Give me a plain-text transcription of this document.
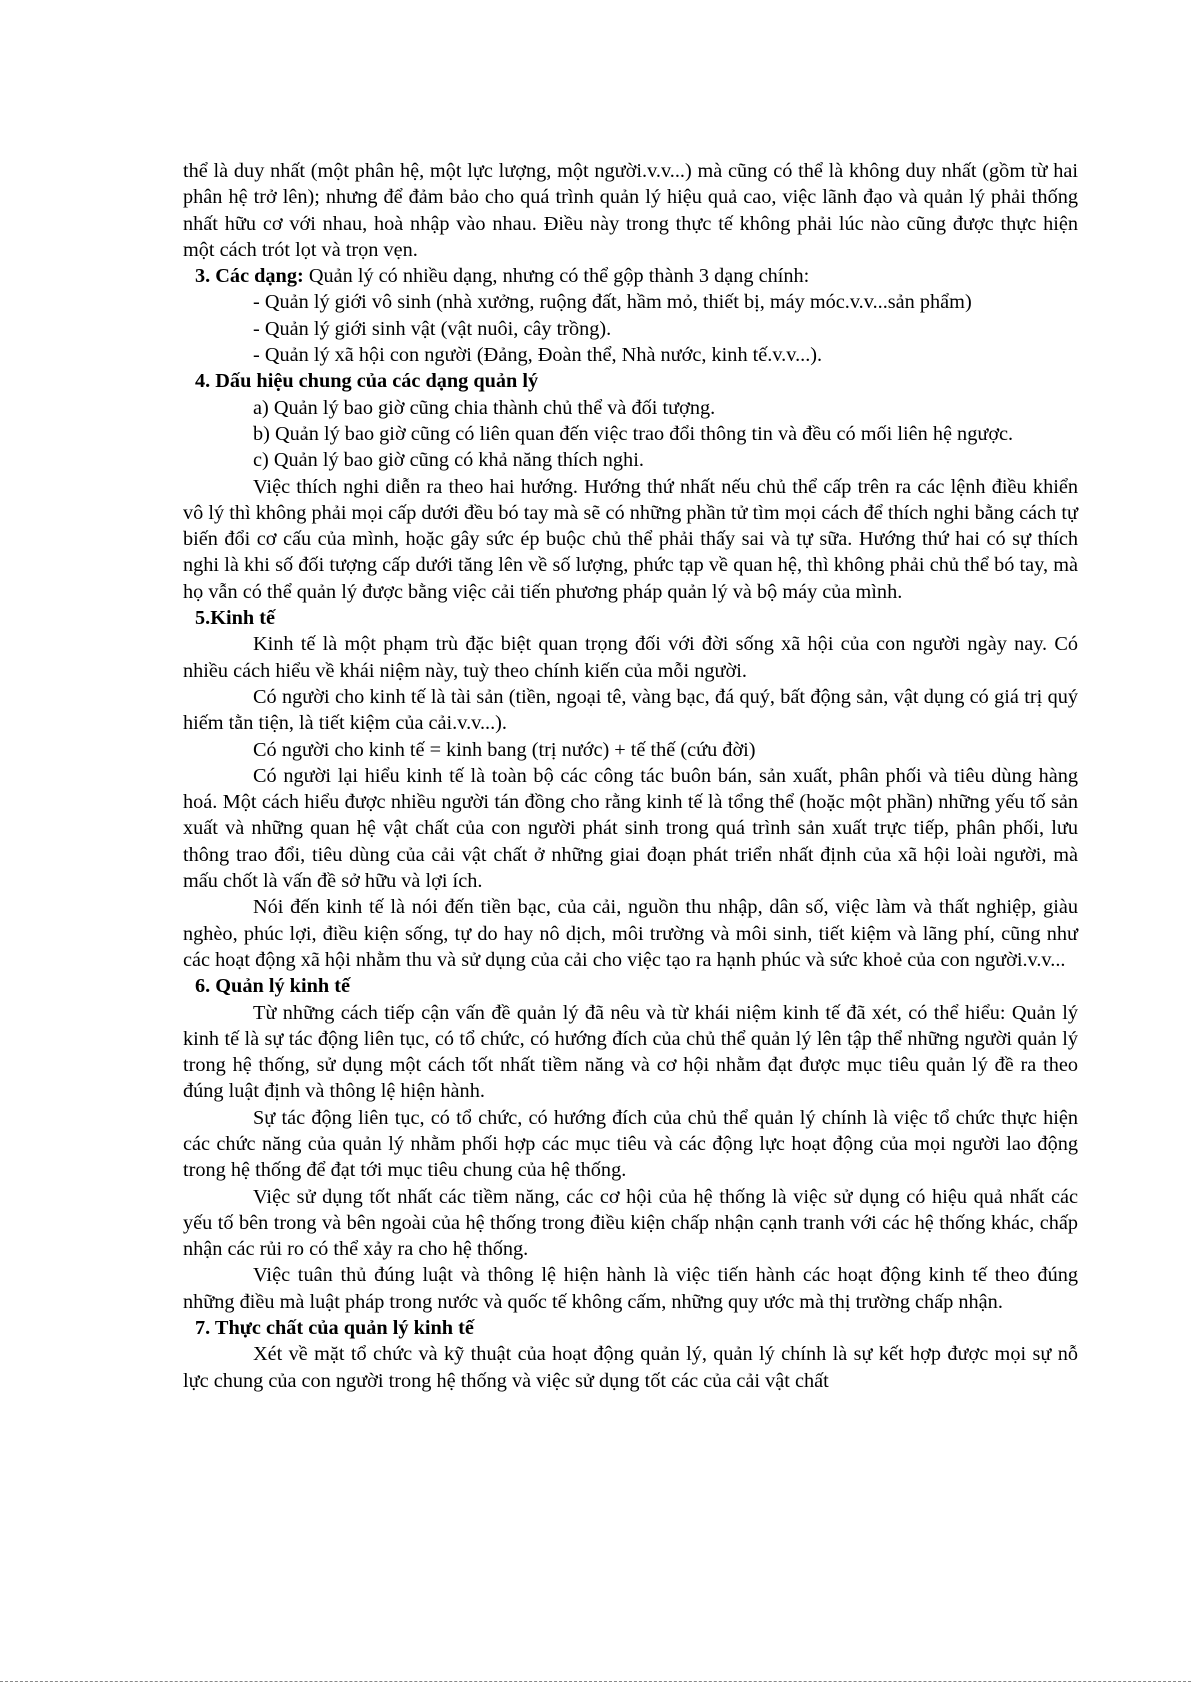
thể là duy nhất (một phân hệ, một lực lượng, một người.v.v...) mà cũng có thể là không duy nhất (gồm từ hai phân hệ trở lên); nhưng để đảm bảo cho quá trình quản lý hiệu quả cao, việc lãnh đạo và quản lý phải thống nhất hữu cơ với nhau, hoà nhập vào nhau. Điều này trong thực tế không phải lúc nào cũng được thực hiện một cách trót lọt và trọn vẹn.

3. Các dạng: Quản lý có nhiều dạng, nhưng có thể gộp thành 3 dạng chính:

- Quản lý giới vô sinh (nhà xưởng, ruộng đất, hầm mỏ, thiết bị, máy móc.v.v...sản phẩm)

- Quản lý giới sinh vật (vật nuôi, cây trồng).

- Quản lý xã hội con người (Đảng, Đoàn thể, Nhà nước, kinh tế.v.v...).

4. Dấu hiệu chung của các dạng quản lý

a) Quản lý bao giờ cũng chia thành chủ thể và đối tượng.

b) Quản lý bao giờ cũng có liên quan đến việc trao đổi thông tin và đều có mối liên hệ ngược.

c) Quản lý bao giờ cũng có khả năng thích nghi.

Việc thích nghi diễn ra theo hai hướng. Hướng thứ nhất nếu chủ thể cấp trên ra các lệnh điều khiển vô lý thì không phải mọi cấp dưới đều bó tay mà sẽ có những phần tử tìm mọi cách để thích nghi bằng cách tự biến đổi cơ cấu của mình, hoặc gây sức ép buộc chủ thể phải thấy sai và tự sữa. Hướng thứ hai có sự thích nghi là khi số đối tượng cấp dưới tăng lên về số lượng, phức tạp về quan hệ, thì không phải chủ thể bó tay, mà họ vẫn có thể quản lý được bằng việc cải tiến phương pháp quản lý và bộ máy của mình.

5.Kinh tế

Kinh tế là một phạm trù đặc biệt quan trọng đối với đời sống xã hội của con người ngày nay. Có nhiều cách hiểu về khái niệm này, tuỳ theo chính kiến của mỗi người.

Có người cho kinh tế là tài sản (tiền, ngoại tê, vàng bạc, đá quý, bất động sản, vật dụng có giá trị quý hiếm tằn tiện, là tiết kiệm của cải.v.v...).

Có người cho kinh tế = kinh bang (trị nước) + tế thế (cứu đời)

Có người lại hiểu kinh tế là toàn bộ các công tác buôn bán, sản xuất, phân phối và tiêu dùng hàng hoá. Một cách hiểu được nhiều người tán đồng cho rằng kinh tế là tổng thể (hoặc một phần) những yếu tố sản xuất và những quan hệ vật chất của con người phát sinh trong quá trình sản xuất trực tiếp, phân phối, lưu thông trao đổi, tiêu dùng của cải vật chất ở những giai đoạn phát triển nhất định của xã hội loài người, mà mấu chốt là vấn đề sở hữu và lợi ích.

Nói đến kinh tế là nói đến tiền bạc, của cải, nguồn thu nhập, dân số, việc làm và thất nghiệp, giàu nghèo, phúc lợi, điều kiện sống, tự do hay nô dịch, môi trường và môi sinh, tiết kiệm và lãng phí, cũng như các hoạt động xã hội nhằm thu và sử dụng của cải cho việc tạo ra hạnh phúc và sức khoẻ của con người.v.v...

6. Quản lý kinh tế

Từ những cách tiếp cận vấn đề quản lý đã nêu và từ khái niệm kinh tế đã xét, có thể hiểu: Quản lý kinh tế là sự tác động liên tục, có tổ chức, có hướng đích của chủ thể quản lý lên tập thể những người quản lý trong hệ thống, sử dụng một cách tốt nhất tiềm năng và cơ hội nhằm đạt được mục tiêu quản lý đề ra theo đúng luật định và thông lệ hiện hành.

Sự tác động liên tục, có tổ chức, có hướng đích của chủ thể quản lý chính là việc tổ chức thực hiện các chức năng của quản lý nhằm phối hợp các mục tiêu và các động lực hoạt động của mọi người lao động trong hệ thống để đạt tới mục tiêu chung của hệ thống.

Việc sử dụng tốt nhất các tiềm năng, các cơ hội của hệ thống là việc sử dụng có hiệu quả nhất các yếu tố bên trong và bên ngoài của hệ thống trong điều kiện chấp nhận cạnh tranh với các hệ thống khác, chấp nhận các rủi ro có thể xảy ra cho hệ thống.

Việc tuân thủ đúng luật và thông lệ hiện hành là việc tiến hành các hoạt động kinh tế theo đúng những điều mà luật pháp trong nước và quốc tế không cấm, những quy ước mà thị trường chấp nhận.

7. Thực chất của quản lý kinh tế

Xét về mặt tổ chức và kỹ thuật của hoạt động quản lý, quản lý chính là sự kết hợp được mọi sự nỗ lực chung của con người trong hệ thống và việc sử dụng tốt các của cải vật chất
